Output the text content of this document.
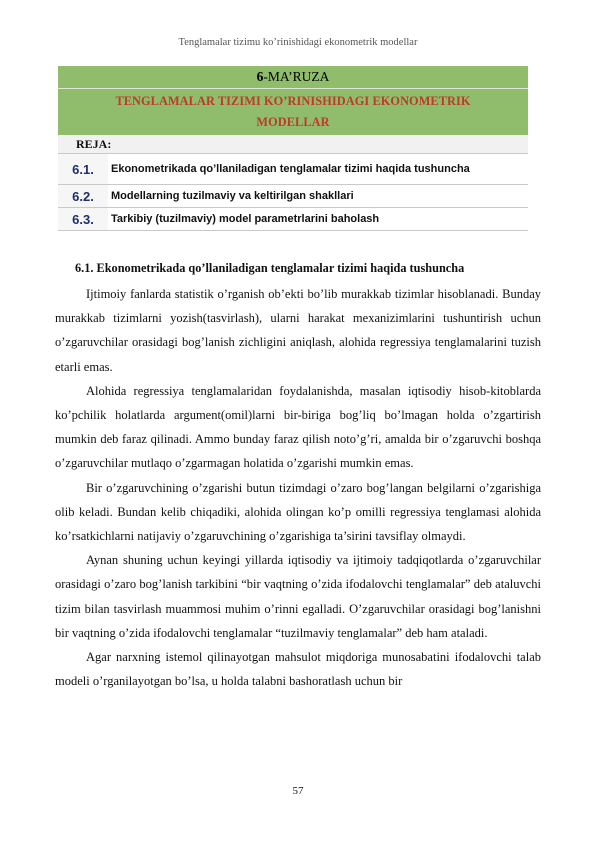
Tenglamalar tizimu ko’rinishidagi ekonometrik modellar
6-MA’RUZA	

TENGLAMALAR TIZIMI KO’RINISHIDAGI EKONOMETRIK
MODELLAR	

REJA:	
6.1.	Ekonometrikada qo’llaniladigan tenglamalar tizimi haqida tushuncha
6.2.	Modellarning tuzilmaviy va keltirilgan shakllari
6.3.	Tarkibiy (tuzilmaviy) model parametrlarini baholash
6.1. Ekonometrikada qo’llaniladigan tenglamalar tizimi haqida tushuncha

Ijtimoiy fanlarda statistik o’rganish ob’ekti bo’lib murakkab tizimlar hisoblanadi. Bunday murakkab tizimlarni yozish(tasvirlash), ularni harakat mexanizimlarini tushuntirish uchun o’zgaruvchilar orasidagi bog’lanish zichligini aniqlash, alohida regressiya tenglamalarini tuzish etarli emas.

Alohida regressiya tenglamalaridan foydalanishda, masalan iqtisodiy hisob-kitoblarda ko’pchilik holatlarda argument(omil)larni bir-biriga bog’liq bo’lmagan holda o’zgartirish mumkin deb faraz qilinadi. Ammo bunday faraz qilish noto’g’ri, amalda bir o’zgaruvchi boshqa o’zgaruvchilar mutlaqo o’zgarmagan holatida o’zgarishi mumkin emas.

Bir o’zgaruvchining o’zgarishi butun tizimdagi o’zaro bog’langan belgilarni o’zgarishiga olib keladi. Bundan kelib chiqadiki, alohida olingan ko’p omilli regressiya tenglamasi alohida ko’rsatkichlarni natijaviy o’zgaruvchining o’zgarishiga ta’sirini tavsiflay olmaydi.

Aynan shuning uchun keyingi yillarda iqtisodiy va ijtimoiy tadqiqotlarda o’zgaruvchilar orasidagi o’zaro bog’lanish tarkibini “bir vaqtning o’zida ifodalovchi tenglamalar” deb ataluvchi tizim bilan tasvirlash muammosi muhim o’rinni egalladi. O’zgaruvchilar orasidagi bog’lanishni bir vaqtning o’zida ifodalovchi tenglamalar “tuzilmaviy tenglamalar” deb ham ataladi.

Agar narxning istemol qilinayotgan mahsulot miqdoriga munosabatini ifodalovchi talab modeli o’rganilayotgan bo’lsa, u holda talabni bashoratlash uchun bir

57
